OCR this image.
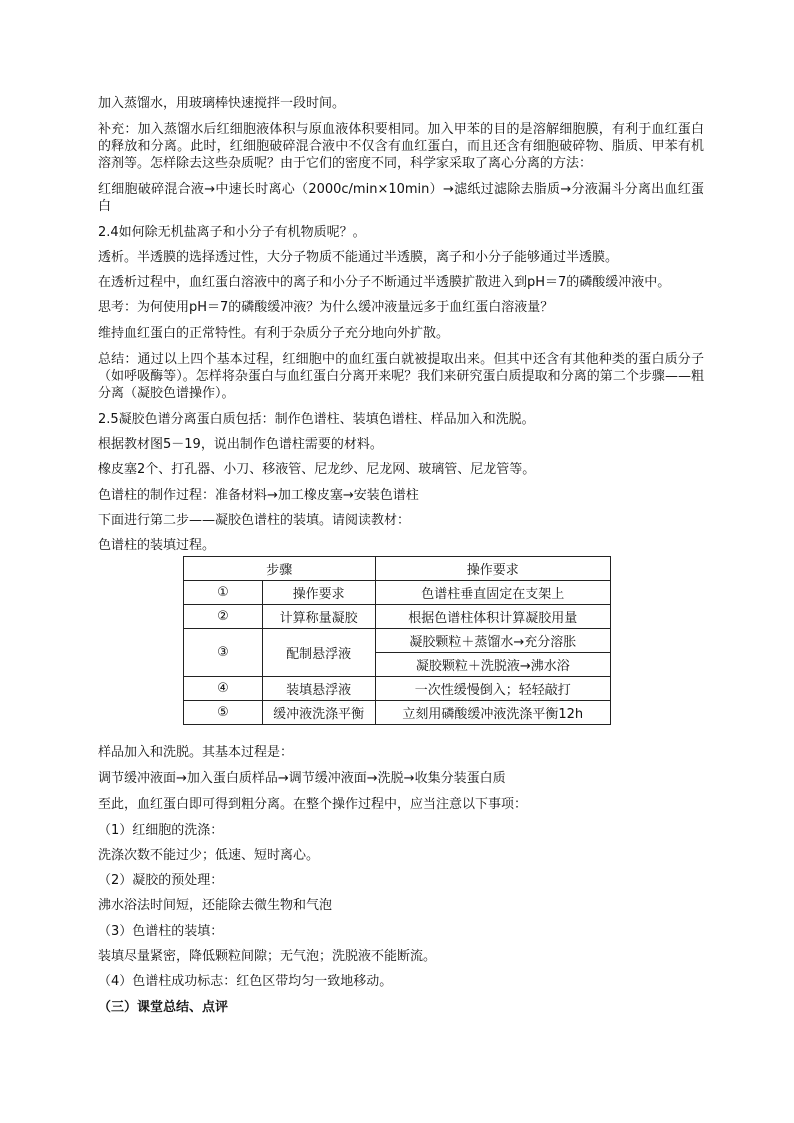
加入蒸馏水，用玻璃棒快速搅拌一段时间。
补充：加入蒸馏水后红细胞液体积与原血液体积要相同。加入甲苯的目的是溶解细胞膜，有利于血红蛋白的释放和分离。此时，红细胞破碎混合液中不仅含有血红蛋白，而且还含有细胞破碎物、脂质、甲苯有机溶剂等。怎样除去这些杂质呢？由于它们的密度不同，科学家采取了离心分离的方法：
红细胞破碎混合液→中速长时离心（2000c/min×10min）→滤纸过滤除去脂质→分液漏斗分离出血红蛋白
2.4如何除无机盐离子和小分子有机物质呢？。
透析。半透膜的选择透过性，大分子物质不能通过半透膜，离子和小分子能够通过半透膜。
在透析过程中，血红蛋白溶液中的离子和小分子不断通过半透膜扩散进入到pH＝7的磷酸缓冲液中。
思考：为何使用pH＝7的磷酸缓冲液？为什么缓冲液量远多于血红蛋白溶液量？
维持血红蛋白的正常特性。有利于杂质分子充分地向外扩散。
总结：通过以上四个基本过程，红细胞中的血红蛋白就被提取出来。但其中还含有其他种类的蛋白质分子（如呼吸酶等）。怎样将杂蛋白与血红蛋白分离开来呢？我们来研究蛋白质提取和分离的第二个步骤——粗分离（凝胶色谱操作）。
2.5凝胶色谱分离蛋白质包括：制作色谱柱、装填色谱柱、样品加入和洗脱。
根据教材图5－19，说出制作色谱柱需要的材料。
橡皮塞2个、打孔器、小刀、移液管、尼龙纱、尼龙网、玻璃管、尼龙管等。
色谱柱的制作过程：准备材料→加工橡皮塞→安装色谱柱
下面进行第二步——凝胶色谱柱的装填。请阅读教材：
色谱柱的装填过程。
步骤		操作要求
①	操作要求	色谱柱垂直固定在支架上
②	计算称量凝胶	根据色谱柱体积计算凝胶用量
③	配制悬浮液	凝胶颗粒＋蒸馏水→充分溶胀
		凝胶颗粒＋洗脱液→沸水浴
④	装填悬浮液	一次性缓慢倒入；轻轻敲打
⑤	缓冲液洗涤平衡	立刻用磷酸缓冲液洗涤平衡12h
样品加入和洗脱。其基本过程是：
调节缓冲液面→加入蛋白质样品→调节缓冲液面→洗脱→收集分装蛋白质
至此，血红蛋白即可得到粗分离。在整个操作过程中，应当注意以下事项：
（1）红细胞的洗涤：
洗涤次数不能过少；低速、短时离心。
（2）凝胶的预处理：
沸水浴法时间短，还能除去微生物和气泡
（3）色谱柱的装填：
装填尽量紧密，降低颗粒间隙；无气泡；洗脱液不能断流。
（4）色谱柱成功标志：红色区带均匀一致地移动。
（三）课堂总结、点评
